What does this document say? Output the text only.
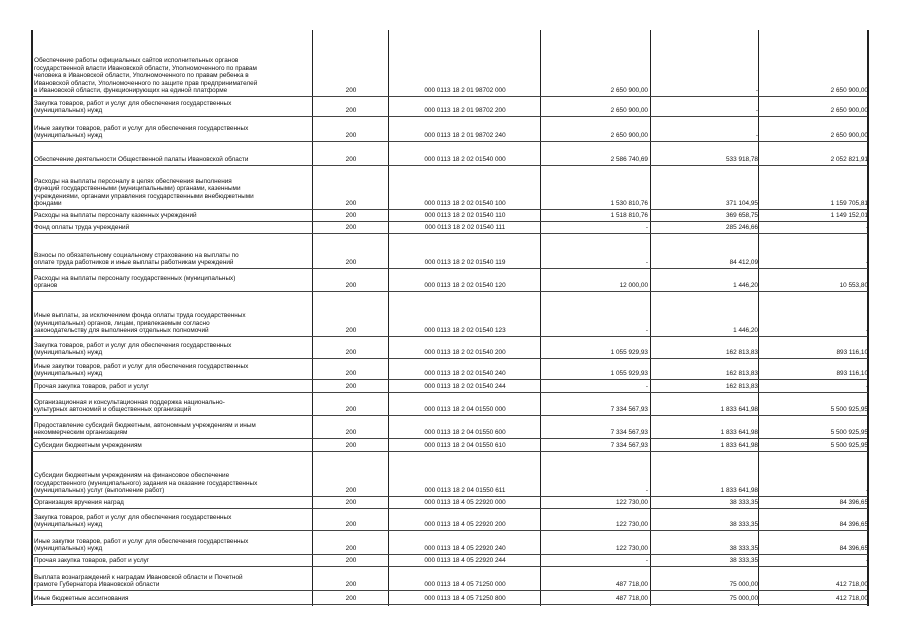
Обеспечение работы официальных сайтов исполнительных органов
государственной власти Ивановской области, Уполномоченного по правам
человека в Ивановской области, Уполномоченного по правам ребенка в
Ивановской области, Уполномоченного по защите прав предпринимателей
в Ивановской области, функционирующих на единой платформе	200	000 0113 18 2 01 98702 000	2 650 900,00	-	2 650 900,00
Закупка товаров, работ и услуг для обеспечения государственных
(муниципальных) нужд	200	000 0113 18 2 01 98702 200	2 650 900,00	-	2 650 900,00
Иные закупки товаров, работ и услуг для обеспечения государственных
(муниципальных) нужд	200	000 0113 18 2 01 98702 240	2 650 900,00	-	2 650 900,00
Обеспечение деятельности Общественной палаты Ивановской области	200	000 0113 18 2 02 01540 000	2 586 740,69	533 918,78	2 052 821,91
Расходы на выплаты персоналу в целях обеспечения выполнения
функций государственными (муниципальными) органами, казенными
учреждениями, органами управления государственными внебюджетными
фондами	200	000 0113 18 2 02 01540 100	1 530 810,76	371 104,95	1 159 705,81
Расходы на выплаты персоналу казенных учреждений	200	000 0113 18 2 02 01540 110	1 518 810,76	369 658,75	1 149 152,01
Фонд оплаты труда учреждений	200	000 0113 18 2 02 01540 111	-	285 246,66	-
Взносы по обязательному социальному страхованию на выплаты по
оплате труда работников и иные выплаты работникам учреждений	200	000 0113 18 2 02 01540 119	-	84 412,09	-
Расходы на выплаты персоналу государственных (муниципальных)
органов	200	000 0113 18 2 02 01540 120	12 000,00	1 446,20	10 553,80
Иные выплаты, за исключением фонда оплаты труда государственных
(муниципальных) органов, лицам, привлекаемым согласно
законодательству для выполнения отдельных полномочий	200	000 0113 18 2 02 01540 123	-	1 446,20	-
Закупка товаров, работ и услуг для обеспечения государственных
(муниципальных) нужд	200	000 0113 18 2 02 01540 200	1 055 929,93	162 813,83	893 116,10
Иные закупки товаров, работ и услуг для обеспечения государственных
(муниципальных) нужд	200	000 0113 18 2 02 01540 240	1 055 929,93	162 813,83	893 116,10
Прочая закупка товаров, работ и услуг	200	000 0113 18 2 02 01540 244	-	162 813,83	-
Организационная и консультационная поддержка национально-
культурных автономий и общественных организаций	200	000 0113 18 2 04 01550 000	7 334 567,93	1 833 641,98	5 500 925,95
Предоставление субсидий бюджетным, автономным учреждениям и иным
некоммерческим организациям	200	000 0113 18 2 04 01550 600	7 334 567,93	1 833 641,98	5 500 925,95
Субсидии бюджетным учреждениям	200	000 0113 18 2 04 01550 610	7 334 567,93	1 833 641,98	5 500 925,95
Субсидии бюджетным учреждениям на финансовое обеспечение
государственного (муниципального) задания на оказание государственных
(муниципальных) услуг (выполнение работ)	200	000 0113 18 2 04 01550 611	-	1 833 641,98	-
Организация вручения наград	200	000 0113 18 4 05 22920 000	122 730,00	38 333,35	84 396,65
Закупка товаров, работ и услуг для обеспечения государственных
(муниципальных) нужд	200	000 0113 18 4 05 22920 200	122 730,00	38 333,35	84 396,65
Иные закупки товаров, работ и услуг для обеспечения государственных
(муниципальных) нужд	200	000 0113 18 4 05 22920 240	122 730,00	38 333,35	84 396,65
Прочая закупка товаров, работ и услуг	200	000 0113 18 4 05 22920 244	-	38 333,35	-
Выплата вознаграждений к наградам Ивановской области и Почетной
грамоте Губернатора Ивановской области	200	000 0113 18 4 05 71250 000	487 718,00	75 000,00	412 718,00
Иные бюджетные ассигнования	200	000 0113 18 4 05 71250 800	487 718,00	75 000,00	412 718,00
